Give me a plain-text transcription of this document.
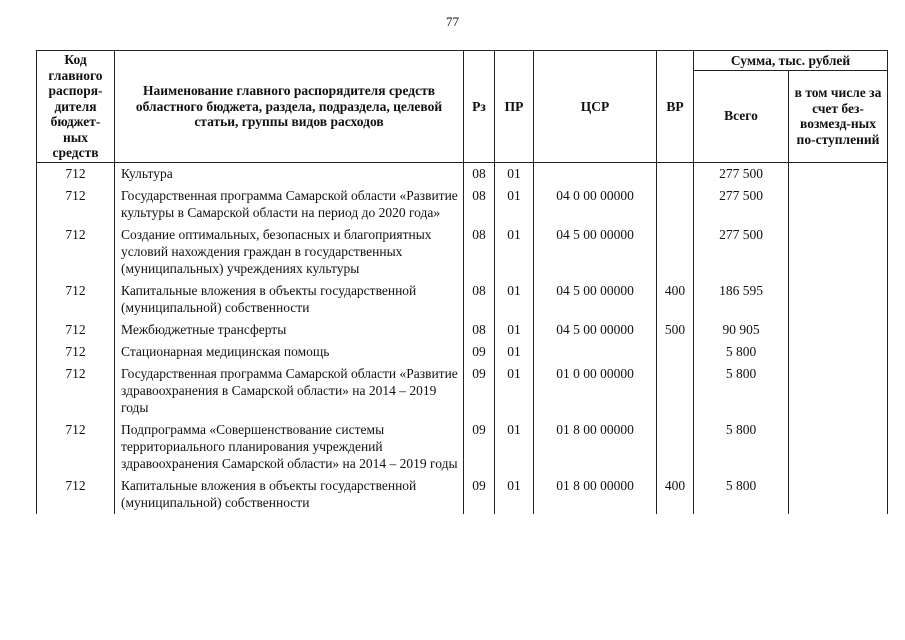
77
Код главного распоря-дителя бюджет-ных средств	Наименование главного распорядителя средств областного бюджета, раздела, подраздела, целевой статьи, группы видов расходов	Рз	ПР	ЦСР	ВР	Сумма, тыс. рублей	
						Всего	в том числе за счет без-возмезд-ных по-ступлений
712	Культура	08	01			277 500	
712	Государственная программа Самарской области «Развитие культуры в Самарской области на период до 2020 года»	08	01	04 0 00 00000		277 500	
712	Создание оптимальных, безопасных и благоприятных условий нахождения граждан в государственных (муниципальных) учреждениях культуры	08	01	04 5 00 00000		277 500	
712	Капитальные вложения в объекты государственной (муниципальной) собственности	08	01	04 5 00 00000	400	186 595	
712	Межбюджетные трансферты	08	01	04 5 00 00000	500	90 905	
712	Стационарная медицинская помощь	09	01			5 800	
712	Государственная программа Самарской области «Развитие здравоохранения в Самарской области» на 2014 – 2019 годы	09	01	01 0 00 00000		5 800	
712	Подпрограмма «Совершенствование системы территориального планирования учреждений здравоохранения Самарской области» на 2014 – 2019 годы	09	01	01 8 00 00000		5 800	
712	Капитальные вложения в объекты государственной (муниципальной) собственности	09	01	01 8 00 00000	400	5 800	
